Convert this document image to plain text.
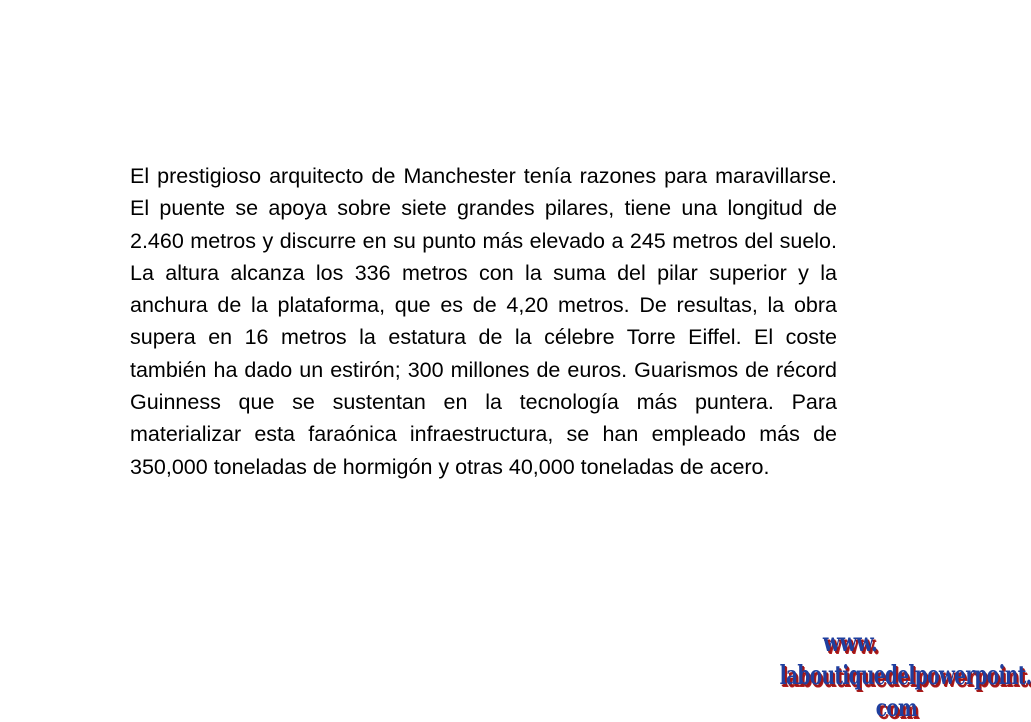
El prestigioso arquitecto de Manchester tenía razones para maravillarse. El puente se apoya sobre siete grandes pilares, tiene una longitud de 2.460 metros y discurre en su punto más elevado a 245 metros del suelo. La altura alcanza los 336 metros con la suma del pilar superior y la anchura de la plataforma, que es de 4,20 metros. De resultas, la obra supera en 16 metros la estatura de la célebre Torre Eiffel. El coste también ha dado un estirón; 300 millones de euros. Guarismos de récord Guinness que se sustentan en la tecnología más puntera. Para materializar esta faraónica infraestructura, se han empleado más de 350,000 toneladas de hormigón y otras 40,000 toneladas de acero.

www.
laboutiquedelpowerpoint.
com
